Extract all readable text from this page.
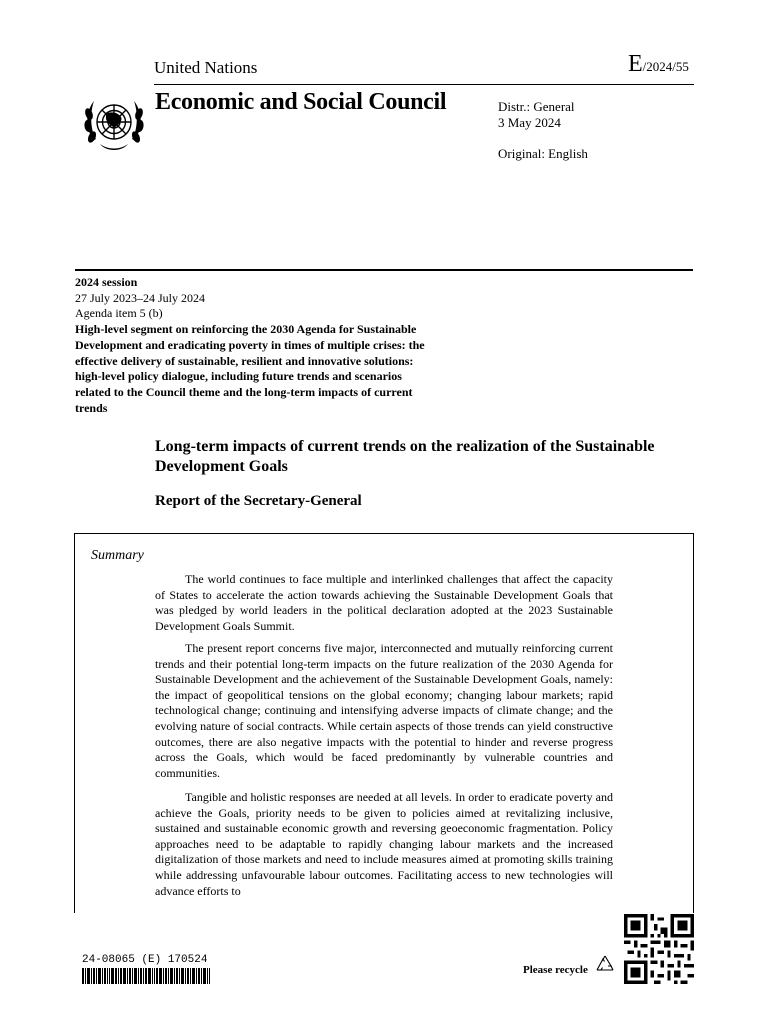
United Nations	E/2024/55
Economic and Social Council	Distr.: General
3 May 2024
Original: English
2024 session
27 July 2023–24 July 2024
Agenda item 5 (b)
High-level segment on reinforcing the 2030 Agenda for Sustainable Development and eradicating poverty in times of multiple crises: the effective delivery of sustainable, resilient and innovative solutions: high-level policy dialogue, including future trends and scenarios related to the Council theme and the long-term impacts of current trends
Long-term impacts of current trends on the realization of the Sustainable Development Goals
Report of the Secretary-General
Summary
The world continues to face multiple and interlinked challenges that affect the capacity of States to accelerate the action towards achieving the Sustainable Development Goals that was pledged by world leaders in the political declaration adopted at the 2023 Sustainable Development Goals Summit.
The present report concerns five major, interconnected and mutually reinforcing current trends and their potential long-term impacts on the future realization of the 2030 Agenda for Sustainable Development and the achievement of the Sustainable Development Goals, namely: the impact of geopolitical tensions on the global economy; changing labour markets; rapid technological change; continuing and intensifying adverse impacts of climate change; and the evolving nature of social contracts. While certain aspects of those trends can yield constructive outcomes, there are also negative impacts with the potential to hinder and reverse progress across the Goals, which would be faced predominantly by vulnerable countries and communities.
Tangible and holistic responses are needed at all levels. In order to eradicate poverty and achieve the Goals, priority needs to be given to policies aimed at revitalizing inclusive, sustained and sustainable economic growth and reversing geoeconomic fragmentation. Policy approaches need to be adaptable to rapidly changing labour markets and the increased digitalization of those markets and need to include measures aimed at promoting skills training while addressing unfavourable labour outcomes. Facilitating access to new technologies will advance efforts to
24-08065 (E) 170524
Please recycle
